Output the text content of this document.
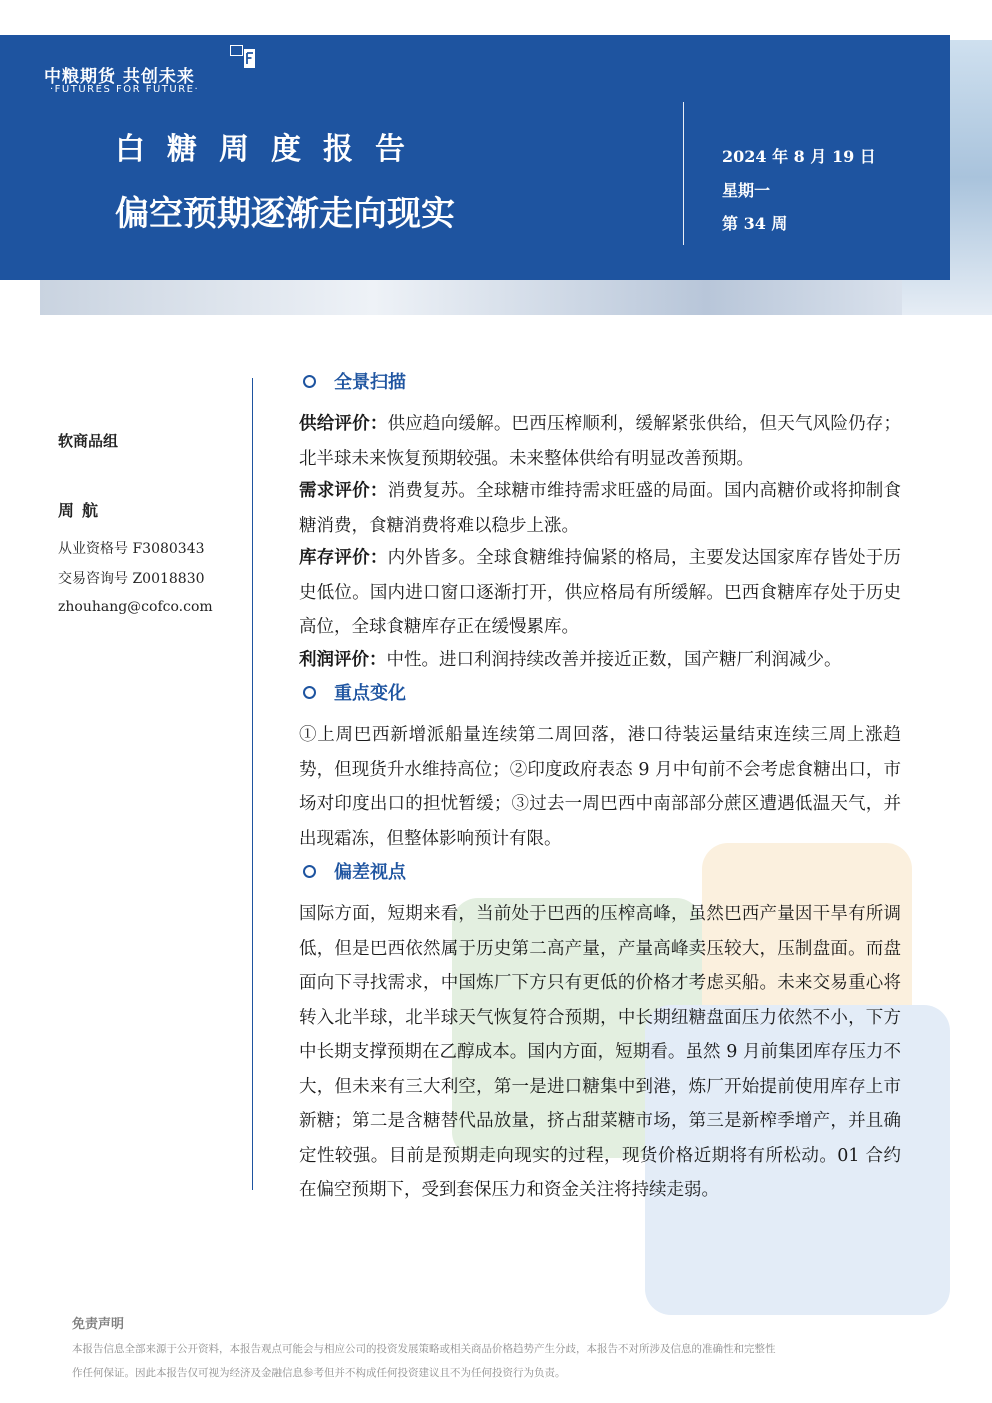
中粮期货 共创未来
·FUTURES FOR FUTURE·
白糖周度报告
偏空预期逐渐走向现实
2024 年 8 月 19 日
星期一
第 34 周
软商品组
周航
从业资格号 F3080343
交易咨询号 Z0018830
zhouhang@cofco.com
全景扫描
供给评价：供应趋向缓解。巴西压榨顺利，缓解紧张供给，但天气风险仍存；北半球未来恢复预期较强。未来整体供给有明显改善预期。
需求评价：消费复苏。全球糖市维持需求旺盛的局面。国内高糖价或将抑制食糖消费，食糖消费将难以稳步上涨。
库存评价：内外皆多。全球食糖维持偏紧的格局，主要发达国家库存皆处于历史低位。国内进口窗口逐渐打开，供应格局有所缓解。巴西食糖库存处于历史高位，全球食糖库存正在缓慢累库。
利润评价：中性。进口利润持续改善并接近正数，国产糖厂利润减少。
重点变化
①上周巴西新增派船量连续第二周回落，港口待装运量结束连续三周上涨趋势，但现货升水维持高位；②印度政府表态 9 月中旬前不会考虑食糖出口，市场对印度出口的担忧暂缓；③过去一周巴西中南部部分蔗区遭遇低温天气，并出现霜冻，但整体影响预计有限。
偏差视点
国际方面，短期来看，当前处于巴西的压榨高峰，虽然巴西产量因干旱有所调低，但是巴西依然属于历史第二高产量，产量高峰卖压较大，压制盘面。而盘面向下寻找需求，中国炼厂下方只有更低的价格才考虑买船。未来交易重心将转入北半球，北半球天气恢复符合预期，中长期纽糖盘面压力依然不小，下方中长期支撑预期在乙醇成本。国内方面，短期看。虽然 9 月前集团库存压力不大，但未来有三大利空，第一是进口糖集中到港，炼厂开始提前使用库存上市新糖；第二是含糖替代品放量，挤占甜菜糖市场，第三是新榨季增产，并且确定性较强。目前是预期走向现实的过程，现货价格近期将有所松动。01 合约在偏空预期下，受到套保压力和资金关注将持续走弱。
免责声明
本报告信息全部来源于公开资料，本报告观点可能会与相应公司的投资发展策略或相关商品价格趋势产生分歧，本报告不对所涉及信息的准确性和完整性
作任何保证。因此本报告仅可视为经济及金融信息参考但并不构成任何投资建议且不为任何投资行为负责。
